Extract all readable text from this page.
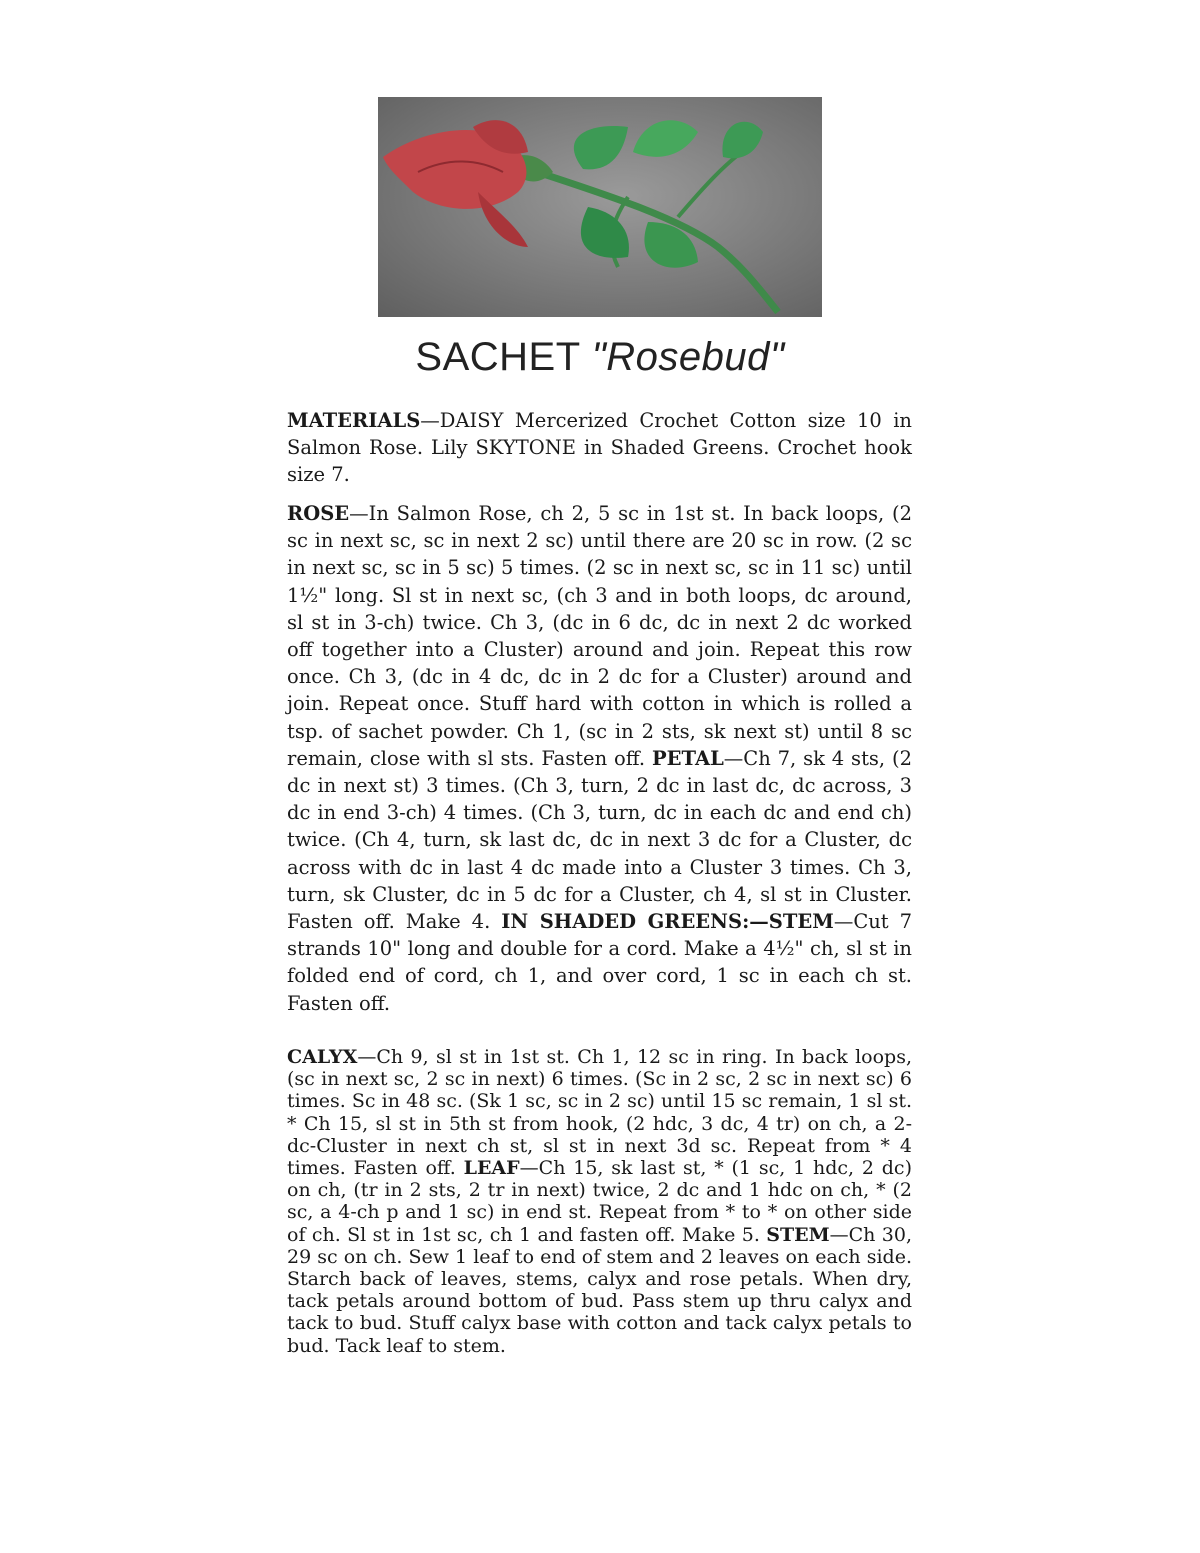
SACHET "Rosebud"

MATERIALS—DAISY Mercerized Crochet Cotton size 10 in Salmon Rose. Lily SKYTONE in Shaded Greens. Crochet hook size 7.

ROSE—In Salmon Rose, ch 2, 5 sc in 1st st. In back loops, (2 sc in next sc, sc in next 2 sc) until there are 20 sc in row. (2 sc in next sc, sc in 5 sc) 5 times. (2 sc in next sc, sc in 11 sc) until 1½" long. Sl st in next sc, (ch 3 and in both loops, dc around, sl st in 3-ch) twice. Ch 3, (dc in 6 dc, dc in next 2 dc worked off together into a Cluster) around and join. Repeat this row once. Ch 3, (dc in 4 dc, dc in 2 dc for a Cluster) around and join. Repeat once. Stuff hard with cotton in which is rolled a tsp. of sachet powder. Ch 1, (sc in 2 sts, sk next st) until 8 sc remain, close with sl sts. Fasten off. PETAL—Ch 7, sk 4 sts, (2 dc in next st) 3 times. (Ch 3, turn, 2 dc in last dc, dc across, 3 dc in end 3-ch) 4 times. (Ch 3, turn, dc in each dc and end ch) twice. (Ch 4, turn, sk last dc, dc in next 3 dc for a Cluster, dc across with dc in last 4 dc made into a Cluster 3 times. Ch 3, turn, sk Cluster, dc in 5 dc for a Cluster, ch 4, sl st in Cluster. Fasten off. Make 4. IN SHADED GREENS:—STEM—Cut 7 strands 10" long and double for a cord. Make a 4½" ch, sl st in folded end of cord, ch 1, and over cord, 1 sc in each ch st. Fasten off.

CALYX—Ch 9, sl st in 1st st. Ch 1, 12 sc in ring. In back loops, (sc in next sc, 2 sc in next) 6 times. (Sc in 2 sc, 2 sc in next sc) 6 times. Sc in 48 sc. (Sk 1 sc, sc in 2 sc) until 15 sc remain, 1 sl st. * Ch 15, sl st in 5th st from hook, (2 hdc, 3 dc, 4 tr) on ch, a 2-dc-Cluster in next ch st, sl st in next 3d sc. Repeat from * 4 times. Fasten off. LEAF—Ch 15, sk last st, * (1 sc, 1 hdc, 2 dc) on ch, (tr in 2 sts, 2 tr in next) twice, 2 dc and 1 hdc on ch, * (2 sc, a 4-ch p and 1 sc) in end st. Repeat from * to * on other side of ch. Sl st in 1st sc, ch 1 and fasten off. Make 5. STEM—Ch 30, 29 sc on ch. Sew 1 leaf to end of stem and 2 leaves on each side. Starch back of leaves, stems, calyx and rose petals. When dry, tack petals around bottom of bud. Pass stem up thru calyx and tack to bud. Stuff calyx base with cotton and tack calyx petals to bud. Tack leaf to stem.
